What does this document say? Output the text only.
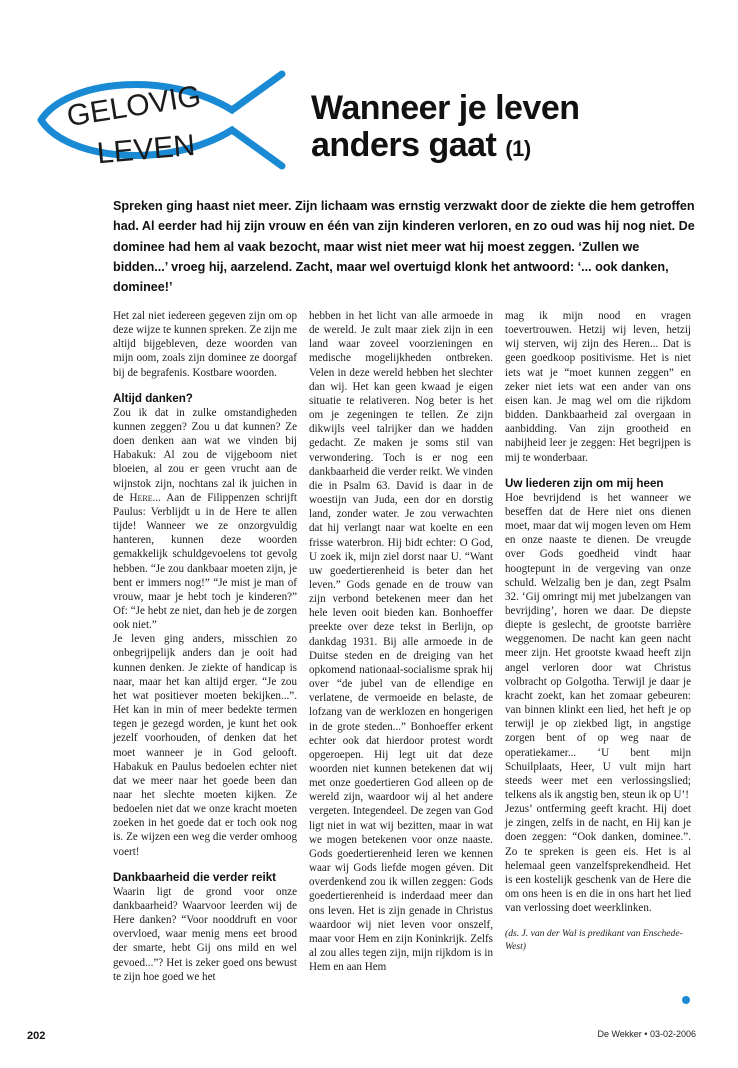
GELOVIG
LEVEN
Wanneer je leven
anders gaat (1)

Spreken ging haast niet meer. Zijn lichaam was ernstig verzwakt door de ziekte die hem getroffen had. Al eerder had hij zijn vrouw en één van zijn kinderen verloren, en zo oud was hij nog niet. De dominee had hem al vaak bezocht, maar wist niet meer wat hij moest zeggen. ‘Zullen we bidden...’ vroeg hij, aarzelend. Zacht, maar wel overtuigd klonk het antwoord: ‘... ook danken, dominee!’

Het zal niet iedereen gegeven zijn om op deze wijze te kunnen spreken. Ze zijn me altijd bijgebleven, deze woorden van mijn oom, zoals zijn dominee ze doorgaf bij de begrafenis. Kostbare woorden.

Altijd danken?

Zou ik dat in zulke omstandigheden kunnen zeggen? Zou u dat kunnen? Ze doen denken aan wat we vinden bij Habakuk: Al zou de vijgeboom niet bloeien, al zou er geen vrucht aan de wijnstok zijn, nochtans zal ik juichen in de Here... Aan de Filippenzen schrijft Paulus: Verblijdt u in de Here te allen tijde! Wanneer we ze onzorgvuldig hanteren, kunnen deze woorden gemakkelijk schuldgevoelens tot gevolg hebben. “Je zou dankbaar moeten zijn, je bent er immers nog!” “Je mist je man of vrouw, maar je hebt toch je kinderen?” Of: “Je hebt ze niet, dan heb je de zorgen ook niet.”

Je leven ging anders, misschien zo onbegrijpelijk anders dan je ooit had kunnen denken. Je ziekte of handicap is naar, maar het kan altijd erger. “Je zou het wat positiever moeten bekijken...”. Het kan in min of meer bedekte termen tegen je gezegd worden, je kunt het ook jezelf voorhouden, of denken dat het moet wanneer je in God gelooft. Habakuk en Paulus bedoelen echter niet dat we meer naar het goede been dan naar het slechte moeten kijken. Ze bedoelen niet dat we onze kracht moeten zoeken in het goede dat er toch ook nog is. Ze wijzen een weg die verder omhoog voert!

Dankbaarheid die verder reikt

Waarin ligt de grond voor onze dankbaarheid? Waarvoor leerden wij de Here danken? “Voor nooddruft en voor overvloed, waar menig mens eet brood der smarte, hebt Gij ons mild en wel gevoed...”? Het is zeker goed ons bewust te zijn hoe goed we het

hebben in het licht van alle armoede in de wereld. Je zult maar ziek zijn in een land waar zoveel voorzieningen en medische mogelijkheden ontbreken. Velen in deze wereld hebben het slechter dan wij. Het kan geen kwaad je eigen situatie te relativeren. Nog beter is het om je zegeningen te tellen. Ze zijn dikwijls veel talrijker dan we hadden gedacht. Ze maken je soms stil van verwondering. Toch is er nog een dankbaarheid die verder reikt. We vinden die in Psalm 63. David is daar in de woestijn van Juda, een dor en dorstig land, zonder water. Je zou verwachten dat hij verlangt naar wat koelte en een frisse waterbron. Hij bidt echter: O God, U zoek ik, mijn ziel dorst naar U. “Want uw goedertierenheid is beter dan het leven.” Gods genade en de trouw van zijn verbond betekenen meer dan het hele leven ooit bieden kan. Bonhoeffer preekte over deze tekst in Berlijn, op dankdag 1931. Bij alle armoede in de Duitse steden en de dreiging van het opkomend nationaal-socialisme sprak hij over “de jubel van de ellendige en verlatene, de vermoeide en belaste, de lofzang van de werklozen en hongerigen in de grote steden...” Bonhoeffer erkent echter ook dat hierdoor protest wordt opgeroepen. Hij legt uit dat deze woorden niet kunnen betekenen dat wij met onze goedertieren God alleen op de wereld zijn, waardoor wij al het andere vergeten. Integendeel. De zegen van God ligt niet in wat wij bezitten, maar in wat we mogen betekenen voor onze naaste. Gods goedertierenheid leren we kennen waar wij Gods liefde mogen géven. Dit overdenkend zou ik willen zeggen: Gods goedertierenheid is inderdaad meer dan ons leven. Het is zijn genade in Christus waardoor wij niet leven voor onszelf, maar voor Hem en zijn Koninkrijk. Zelfs al zou alles tegen zijn, mijn rijkdom is in Hem en aan Hem

mag ik mijn nood en vragen toevertrouwen. Hetzij wij leven, hetzij wij sterven, wij zijn des Heren... Dat is geen goedkoop positivisme. Het is niet iets wat je “moet kunnen zeggen” en zeker niet iets wat een ander van ons eisen kan. Je mag wel om die rijkdom bidden. Dankbaarheid zal overgaan in aanbidding. Van zijn grootheid en nabijheid leer je zeggen: Het begrijpen is mij te wonderbaar.

Uw liederen zijn om mij heen

Hoe bevrijdend is het wanneer we beseffen dat de Here niet ons dienen moet, maar dat wij mogen leven om Hem en onze naaste te dienen. De vreugde over Gods goedheid vindt haar hoogtepunt in de vergeving van onze schuld. Welzalig ben je dan, zegt Psalm 32. ‘Gij omringt mij met jubelzangen van bevrijding’, horen we daar. De diepste diepte is geslecht, de grootste barrière weggenomen. De nacht kan geen nacht meer zijn. Het grootste kwaad heeft zijn angel verloren door wat Christus volbracht op Golgotha. Terwijl je daar je kracht zoekt, kan het zomaar gebeuren: van binnen klinkt een lied, het heft je op terwijl je op ziekbed ligt, in angstige zorgen bent of op weg naar de operatiekamer... ‘U bent mijn Schuilplaats, Heer, U vult mijn hart steeds weer met een verlossingslied; telkens als ik angstig ben, steun ik op U’!

Jezus’ ontferming geeft kracht. Hij doet je zingen, zelfs in de nacht, en Hij kan je doen zeggen: “Ook danken, dominee.”. Zo te spreken is geen eis. Het is al helemaal geen vanzelfsprekendheid. Het is een kostelijk geschenk van de Here die om ons heen is en die in ons hart het lied van verlossing doet weerklinken.

(ds. J. van der Wal is predikant van Enschede-West)

202	De Wekker • 03-02-2006
